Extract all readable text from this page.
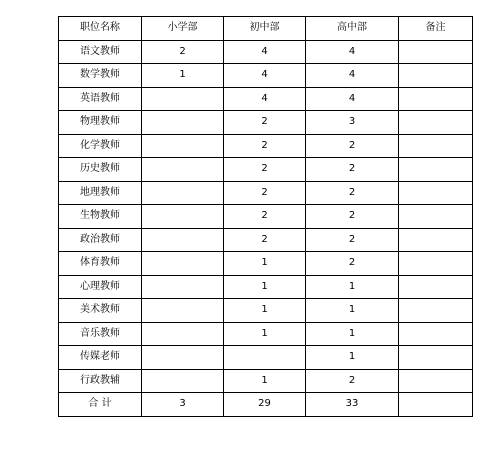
职位名称	小学部	初中部	高中部	备注
语文教师	2	4	4	
数学教师	1	4	4	
英语教师		4	4	
物理教师		2	3	
化学教师		2	2	
历史教师		2	2	
地理教师		2	2	
生物教师		2	2	
政治教师		2	2	
体育教师		1	2	
心理教师		1	1	
美术教师		1	1	
音乐教师		1	1	
传媒老师			1	
行政教辅		1	2	
合 计	3	29	33	
